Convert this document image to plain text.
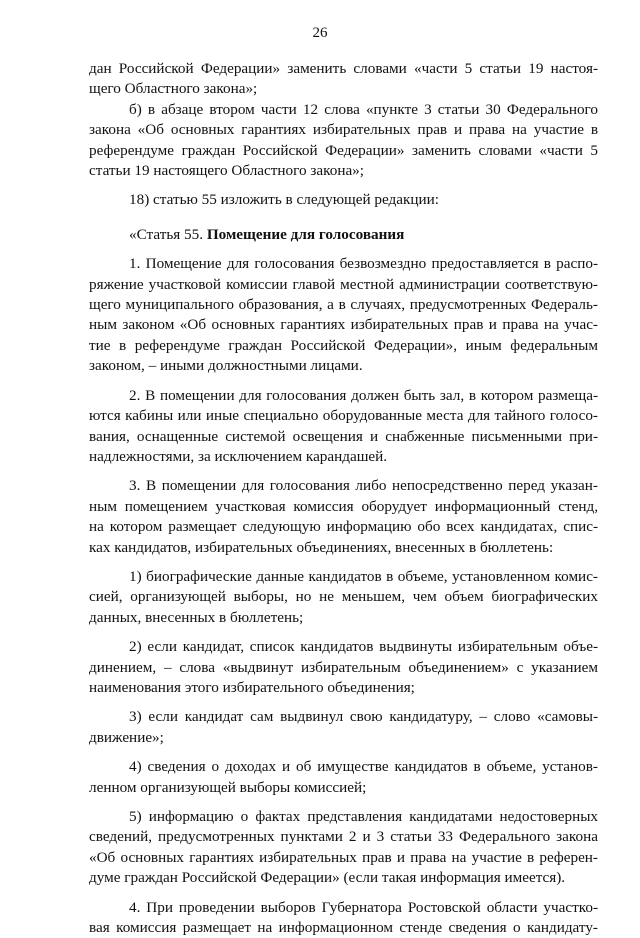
26

дан Российской Федерации» заменить словами «части 5 статьи 19 настоя-

щего Областного закона»;

б) в абзаце втором части 12 слова «пункте 3 статьи 30 Федерального

закона «Об основных гарантиях избирательных прав и права на участие в

референдуме граждан Российской Федерации» заменить словами «части 5

статьи 19 настоящего Областного закона»;

18) статью 55 изложить в следующей редакции:

«Статья 55. Помещение для голосования

1. Помещение для голосования безвозмездно предоставляется в распо-

ряжение участковой комиссии главой местной администрации соответствую-

щего муниципального образования, а в случаях, предусмотренных Федераль-

ным законом «Об основных гарантиях избирательных прав и права на учас-

тие в референдуме граждан Российской Федерации», иным федеральным

законом, – иными должностными лицами.

2. В помещении для голосования должен быть зал, в котором размеща-

ются кабины или иные специально оборудованные места для тайного голосо-

вания, оснащенные системой освещения и снабженные письменными при-

надлежностями, за исключением карандашей.

3. В помещении для голосования либо непосредственно перед указан-

ным помещением участковая комиссия оборудует информационный стенд,

на котором размещает следующую информацию обо всех кандидатах, спис-

ках кандидатов, избирательных объединениях, внесенных в бюллетень:

1) биографические данные кандидатов в объеме, установленном комис-

сией, организующей выборы, но не меньшем, чем объем биографических

данных, внесенных в бюллетень;

2) если кандидат, список кандидатов выдвинуты избирательным объе-

динением, – слова «выдвинут избирательным объединением» с указанием

наименования этого избирательного объединения;

3) если кандидат сам выдвинул свою кандидатуру, – слово «самовы-

движение»;

4) сведения о доходах и об имуществе кандидатов в объеме, установ-

ленном организующей выборы комиссией;

5) информацию о фактах представления кандидатами недостоверных

сведений, предусмотренных пунктами 2 и 3 статьи 33 Федерального закона

«Об основных гарантиях избирательных прав и права на участие в референ-

думе граждан Российской Федерации» (если такая информация имеется).

4. При проведении выборов Губернатора Ростовской области участко-

вая комиссия размещает на информационном стенде сведения о кандидату-
